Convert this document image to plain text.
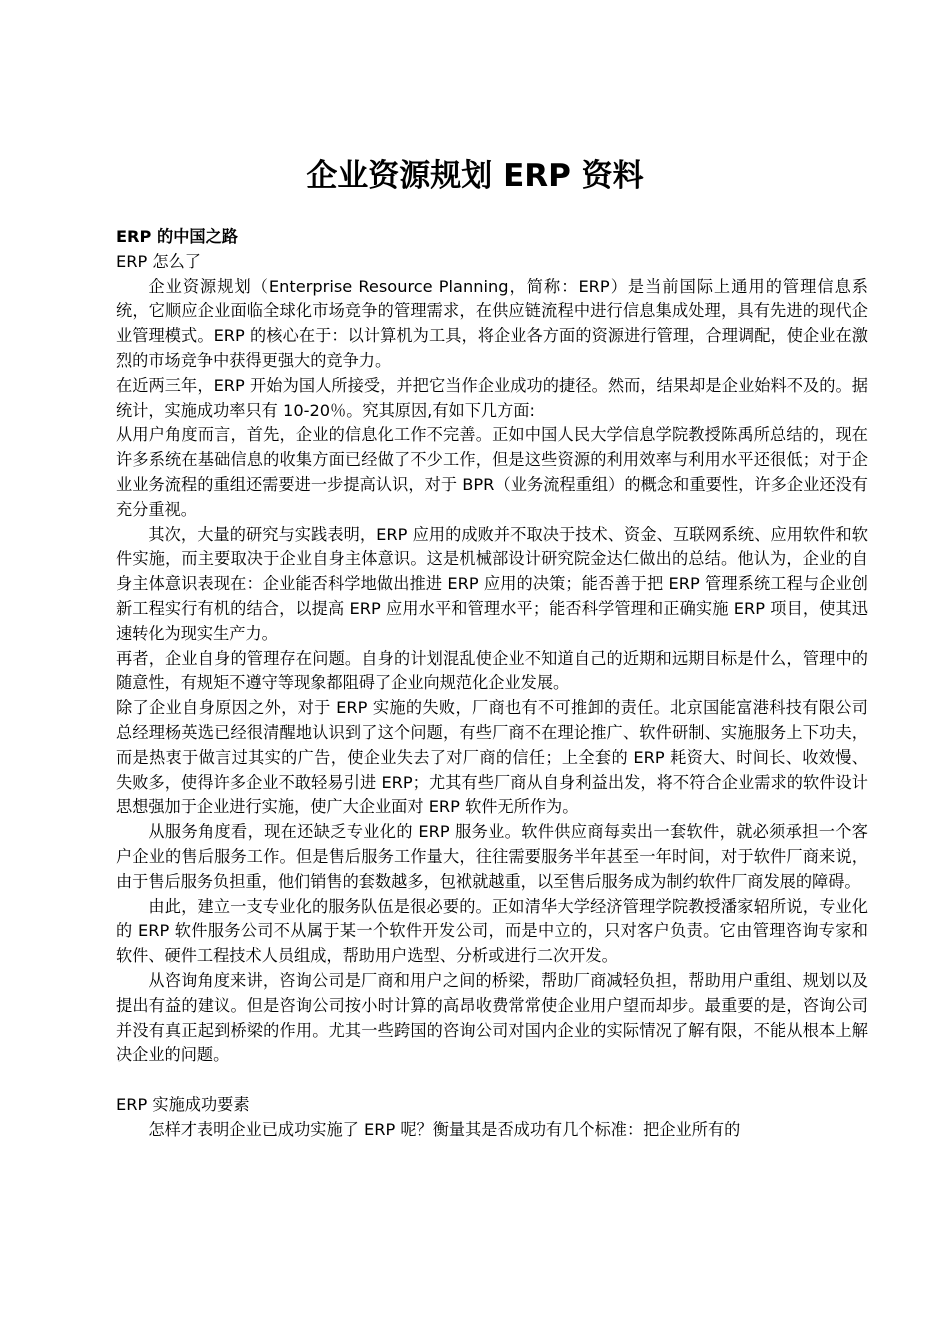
企业资源规划 ERP 资料

ERP 的中国之路

ERP 怎么了

企业资源规划（Enterprise Resource Planning，简称：ERP）是当前国际上通用的管理信息系统，它顺应企业面临全球化市场竞争的管理需求，在供应链流程中进行信息集成处理，具有先进的现代企业管理模式。ERP 的核心在于：以计算机为工具，将企业各方面的资源进行管理，合理调配，使企业在激烈的市场竞争中获得更强大的竞争力。

在近两三年，ERP 开始为国人所接受，并把它当作企业成功的捷径。然而，结果却是企业始料不及的。据统计，实施成功率只有 10-20％。究其原因,有如下几方面:

从用户角度而言，首先，企业的信息化工作不完善。正如中国人民大学信息学院教授陈禹所总结的，现在许多系统在基础信息的收集方面已经做了不少工作，但是这些资源的利用效率与利用水平还很低；对于企业业务流程的重组还需要进一步提高认识，对于 BPR（业务流程重组）的概念和重要性，许多企业还没有充分重视。

其次，大量的研究与实践表明，ERP 应用的成败并不取决于技术、资金、互联网系统、应用软件和软件实施，而主要取决于企业自身主体意识。这是机械部设计研究院金达仁做出的总结。他认为，企业的自身主体意识表现在：企业能否科学地做出推进 ERP 应用的决策；能否善于把 ERP 管理系统工程与企业创新工程实行有机的结合，以提高 ERP 应用水平和管理水平；能否科学管理和正确实施 ERP 项目，使其迅速转化为现实生产力。

再者，企业自身的管理存在问题。自身的计划混乱使企业不知道自己的近期和远期目标是什么，管理中的随意性，有规矩不遵守等现象都阻碍了企业向规范化企业发展。

除了企业自身原因之外，对于 ERP 实施的失败，厂商也有不可推卸的责任。北京国能富港科技有限公司总经理杨英选已经很清醒地认识到了这个问题，有些厂商不在理论推广、软件研制、实施服务上下功夫，而是热衷于做言过其实的广告，使企业失去了对厂商的信任；上全套的 ERP 耗资大、时间长、收效慢、失败多，使得许多企业不敢轻易引进 ERP；尤其有些厂商从自身利益出发，将不符合企业需求的软件设计思想强加于企业进行实施，使广大企业面对 ERP 软件无所作为。

从服务角度看，现在还缺乏专业化的 ERP 服务业。软件供应商每卖出一套软件，就必须承担一个客户企业的售后服务工作。但是售后服务工作量大，往往需要服务半年甚至一年时间，对于软件厂商来说，由于售后服务负担重，他们销售的套数越多，包袱就越重，以至售后服务成为制约软件厂商发展的障碍。

由此，建立一支专业化的服务队伍是很必要的。正如清华大学经济管理学院教授潘家轺所说，专业化的 ERP 软件服务公司不从属于某一个软件开发公司，而是中立的，只对客户负责。它由管理咨询专家和软件、硬件工程技术人员组成，帮助用户选型、分析或进行二次开发。

从咨询角度来讲，咨询公司是厂商和用户之间的桥梁，帮助厂商减轻负担，帮助用户重组、规划以及提出有益的建议。但是咨询公司按小时计算的高昂收费常常使企业用户望而却步。最重要的是，咨询公司并没有真正起到桥梁的作用。尤其一些跨国的咨询公司对国内企业的实际情况了解有限，不能从根本上解决企业的问题。

ERP 实施成功要素

怎样才表明企业已成功实施了 ERP 呢？衡量其是否成功有几个标准：把企业所有的
